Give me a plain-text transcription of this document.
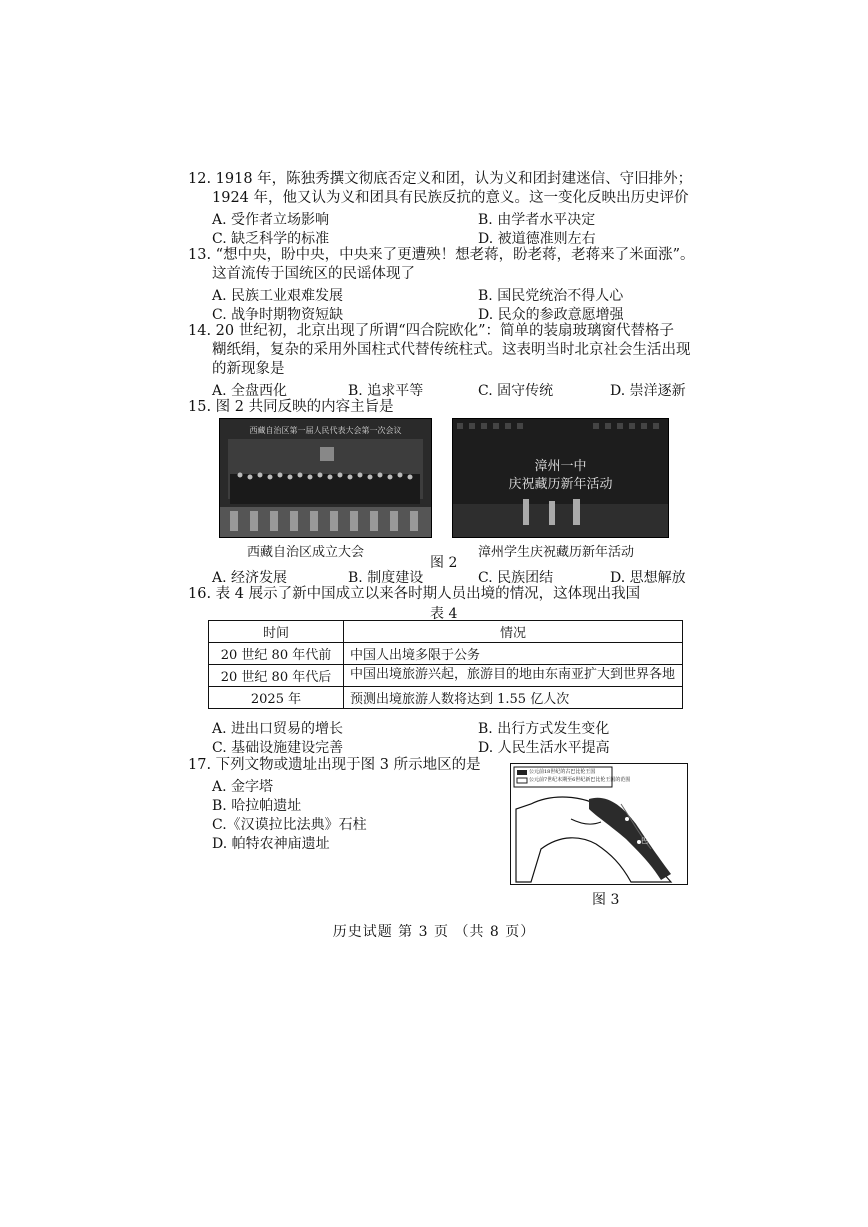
12. 1918 年，陈独秀撰文彻底否定义和团，认为义和团封建迷信、守旧排外；
1924 年，他又认为义和团具有民族反抗的意义。这一变化反映出历史评价
A. 受作者立场影响	B. 由学者水平决定
C. 缺乏科学的标准	D. 被道德准则左右
13. “想中央，盼中央，中央来了更遭殃！想老蒋，盼老蒋，老蒋来了米面涨”。
这首流传于国统区的民谣体现了
A. 民族工业艰难发展	B. 国民党统治不得人心
C. 战争时期物资短缺	D. 民众的参政意愿增强
14. 20 世纪初，北京出现了所谓“四合院欧化”：简单的装扇玻璃窗代替格子
糊纸绢，复杂的采用外国柱式代替传统柱式。这表明当时北京社会生活出现
的新现象是
A. 全盘西化	B. 追求平等	C. 固守传统	D. 崇洋逐新
15. 图 2 共同反映的内容主旨是
西藏自治区第一届人民代表大会第一次会议
漳州一中
庆祝藏历新年活动
西藏自治区成立大会	漳州学生庆祝藏历新年活动
图 2
A. 经济发展	B. 制度建设	C. 民族团结	D. 思想解放
16. 表 4 展示了新中国成立以来各时期人员出境的情况，这体现出我国
表 4
时间	情况
20 世纪 80 年代前	中国人出境多限于公务
20 世纪 80 年代后	中国出境旅游兴起，旅游目的地由东南亚扩大到世界各地
2025 年	预测出境旅游人数将达到 1.55 亿人次
A. 进出口贸易的增长	B. 出行方式发生变化
C. 基础设施建设完善	D. 人民生活水平提高
17. 下列文物或遗址出现于图 3 所示地区的是
A. 金字塔
B. 哈拉帕遗址
C.《汉谟拉比法典》石柱
D. 帕特农神庙遗址
公元前18世纪的古巴比伦王国
公元前7世纪末期至6世纪新巴比伦王国的范围
尼尼微
巴比伦
图 3
历史试题 第 3 页 （共 8 页）
